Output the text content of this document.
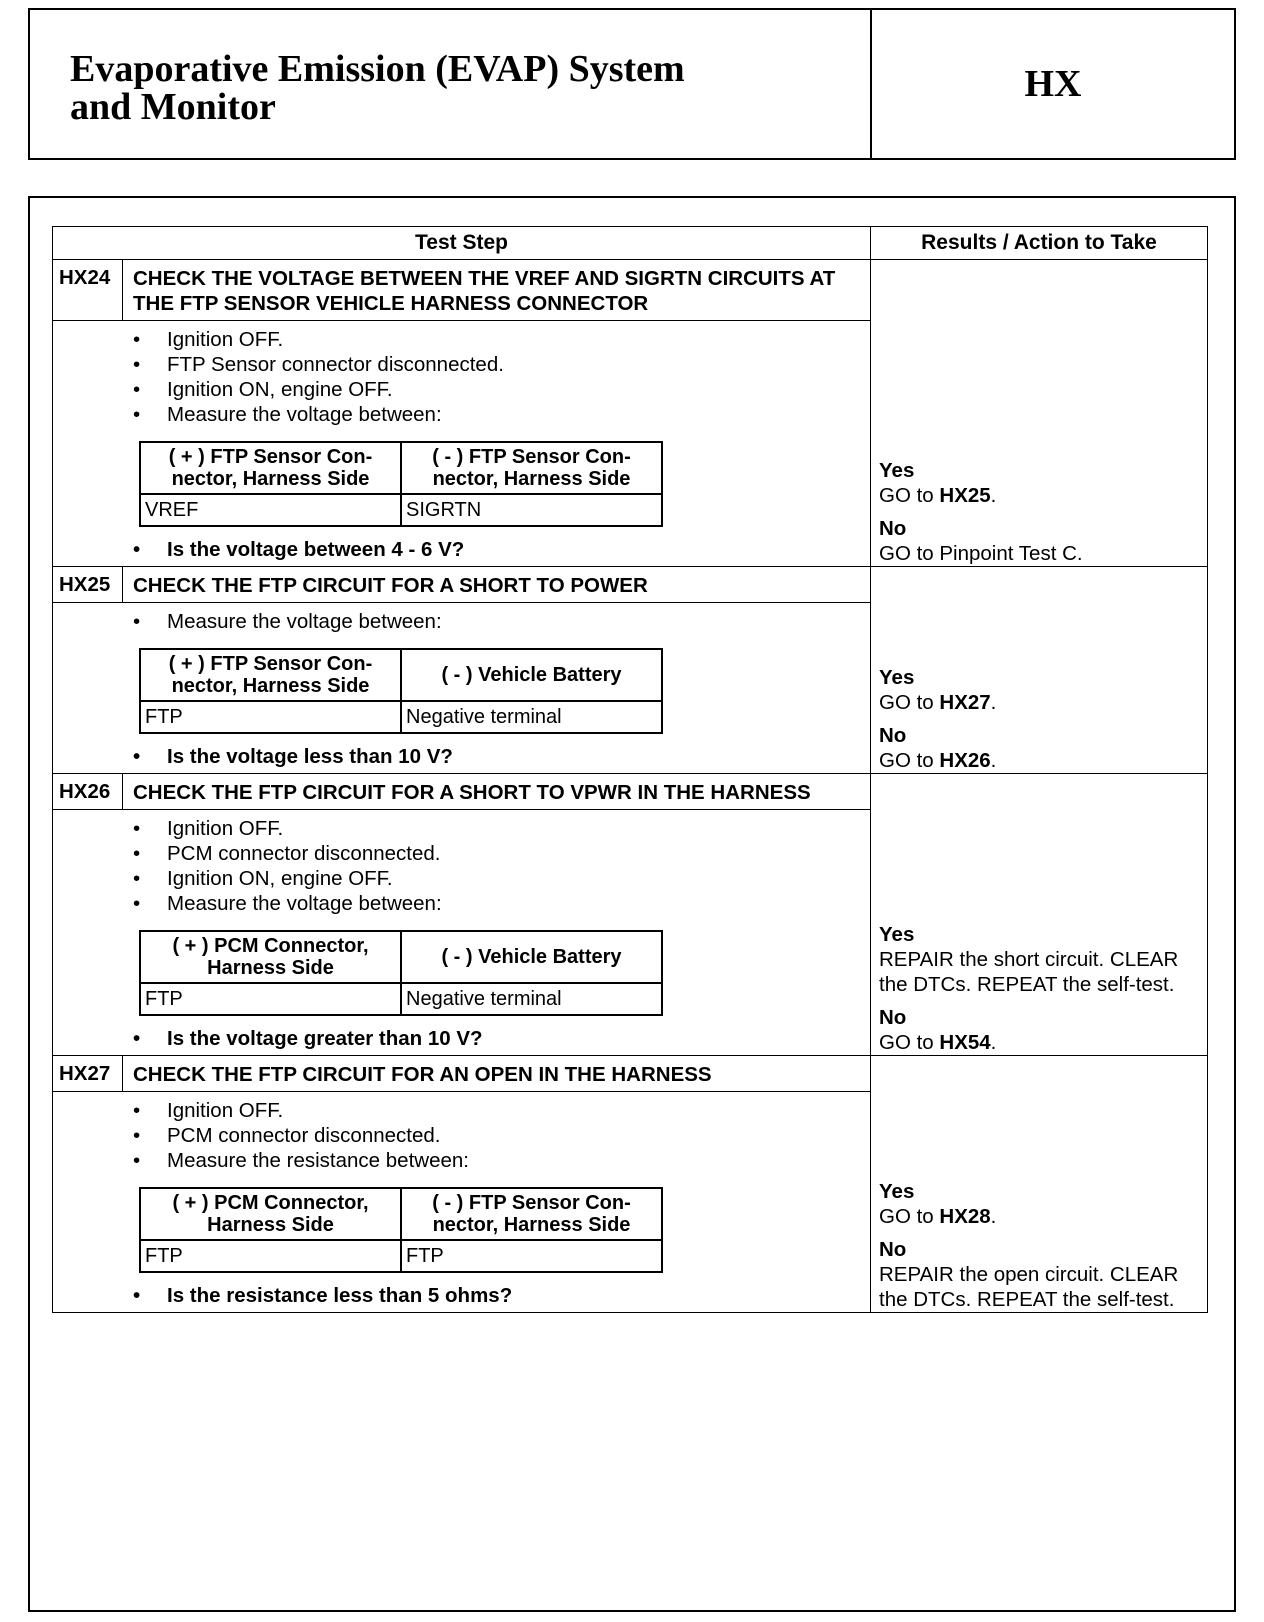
Evaporative Emission (EVAP) System
and Monitor
HX
Test Step	Results / Action to Take

HX24	CHECK THE VOLTAGE BETWEEN THE VREF AND SIGRTN CIRCUITS AT THE FTP SENSOR VEHICLE HARNESS CONNECTOR
• Ignition OFF.
• FTP Sensor connector disconnected.
• Ignition ON, engine OFF.
• Measure the voltage between:
( + ) FTP Sensor Con-nector, Harness Side	( - ) FTP Sensor Con-nector, Harness Side
VREF	SIGRTN
• Is the voltage between 4 - 6 V?

Yes
GO to HX25.
No
GO to Pinpoint Test C.

HX25	CHECK THE FTP CIRCUIT FOR A SHORT TO POWER
• Measure the voltage between:
( + ) FTP Sensor Con-nector, Harness Side	( - ) Vehicle Battery
FTP	Negative terminal
• Is the voltage less than 10 V?

Yes
GO to HX27.
No
GO to HX26.

HX26	CHECK THE FTP CIRCUIT FOR A SHORT TO VPWR IN THE HARNESS
• Ignition OFF.
• PCM connector disconnected.
• Ignition ON, engine OFF.
• Measure the voltage between:
( + ) PCM Connector, Harness Side	( - ) Vehicle Battery
FTP	Negative terminal
• Is the voltage greater than 10 V?

Yes
REPAIR the short circuit. CLEAR the DTCs. REPEAT the self-test.
No
GO to HX54.

HX27	CHECK THE FTP CIRCUIT FOR AN OPEN IN THE HARNESS
• Ignition OFF.
• PCM connector disconnected.
• Measure the resistance between:
( + ) PCM Connector, Harness Side	( - ) FTP Sensor Con-nector, Harness Side
FTP	FTP
• Is the resistance less than 5 ohms?

Yes
GO to HX28.
No
REPAIR the open circuit. CLEAR the DTCs. REPEAT the self-test.
